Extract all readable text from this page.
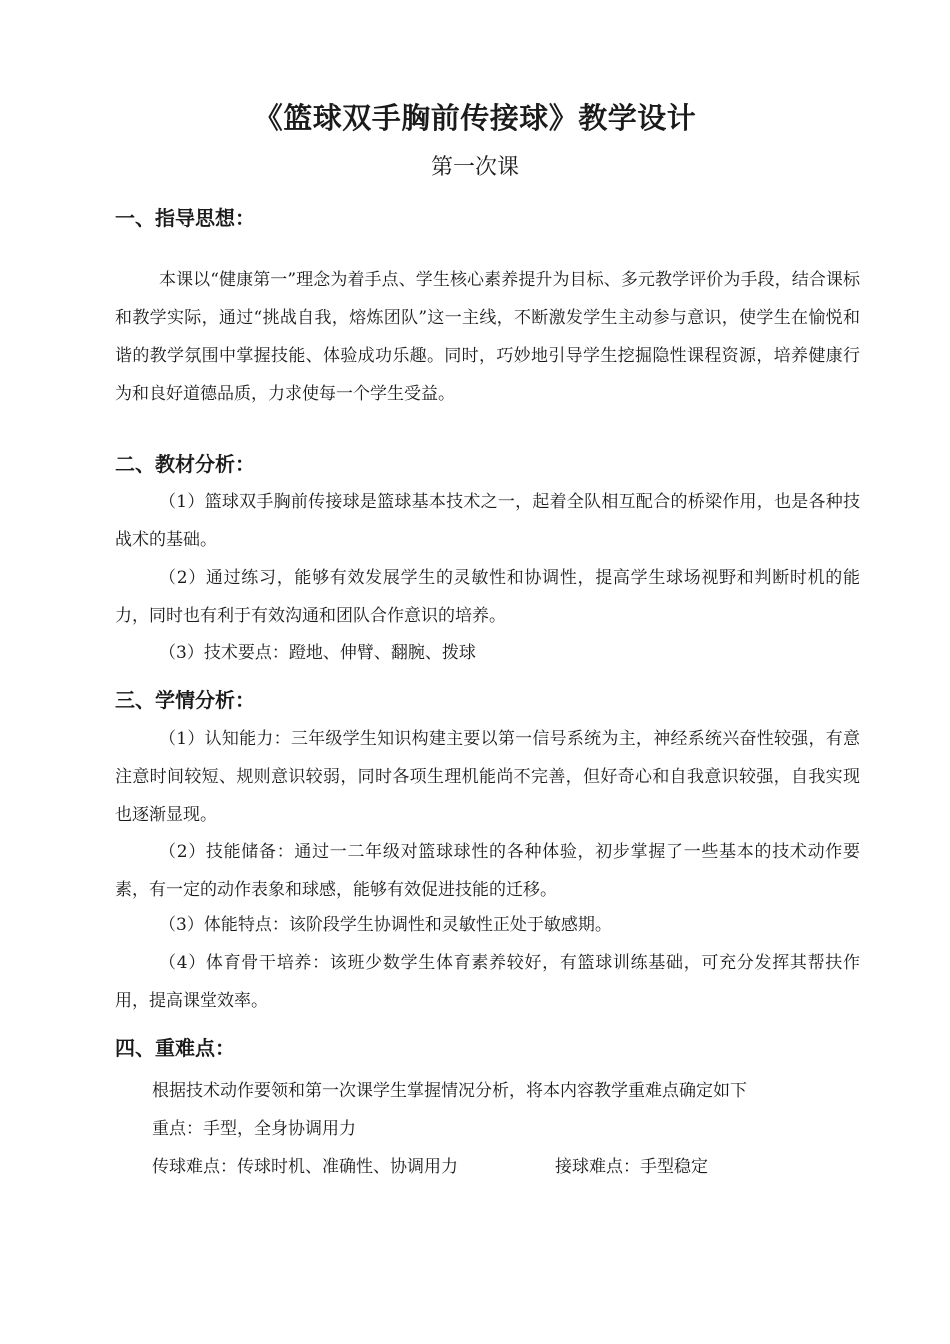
《篮球双手胸前传接球》教学设计
第一次课
一、指导思想：
本课以“健康第一”理念为着手点、学生核心素养提升为目标、多元教学评价为手段，结合课标和教学实际，通过“挑战自我，熔炼团队”这一主线，不断激发学生主动参与意识，使学生在愉悦和谐的教学氛围中掌握技能、体验成功乐趣。同时，巧妙地引导学生挖掘隐性课程资源，培养健康行为和良好道德品质，力求使每一个学生受益。
二、教材分析：
（1）篮球双手胸前传接球是篮球基本技术之一，起着全队相互配合的桥梁作用，也是各种技战术的基础。
（2）通过练习，能够有效发展学生的灵敏性和协调性，提高学生球场视野和判断时机的能力，同时也有利于有效沟通和团队合作意识的培养。
（3）技术要点：蹬地、伸臂、翻腕、拨球
三、学情分析：
（1）认知能力：三年级学生知识构建主要以第一信号系统为主，神经系统兴奋性较强，有意注意时间较短、规则意识较弱，同时各项生理机能尚不完善，但好奇心和自我意识较强，自我实现也逐渐显现。
（2）技能储备：通过一二年级对篮球球性的各种体验，初步掌握了一些基本的技术动作要素，有一定的动作表象和球感，能够有效促进技能的迁移。
（3）体能特点：该阶段学生协调性和灵敏性正处于敏感期。
（4）体育骨干培养：该班少数学生体育素养较好，有篮球训练基础，可充分发挥其帮扶作用，提高课堂效率。
四、重难点：
根据技术动作要领和第一次课学生掌握情况分析，将本内容教学重难点确定如下
重点：手型，全身协调用力
传球难点：传球时机、准确性、协调用力	接球难点：手型稳定
